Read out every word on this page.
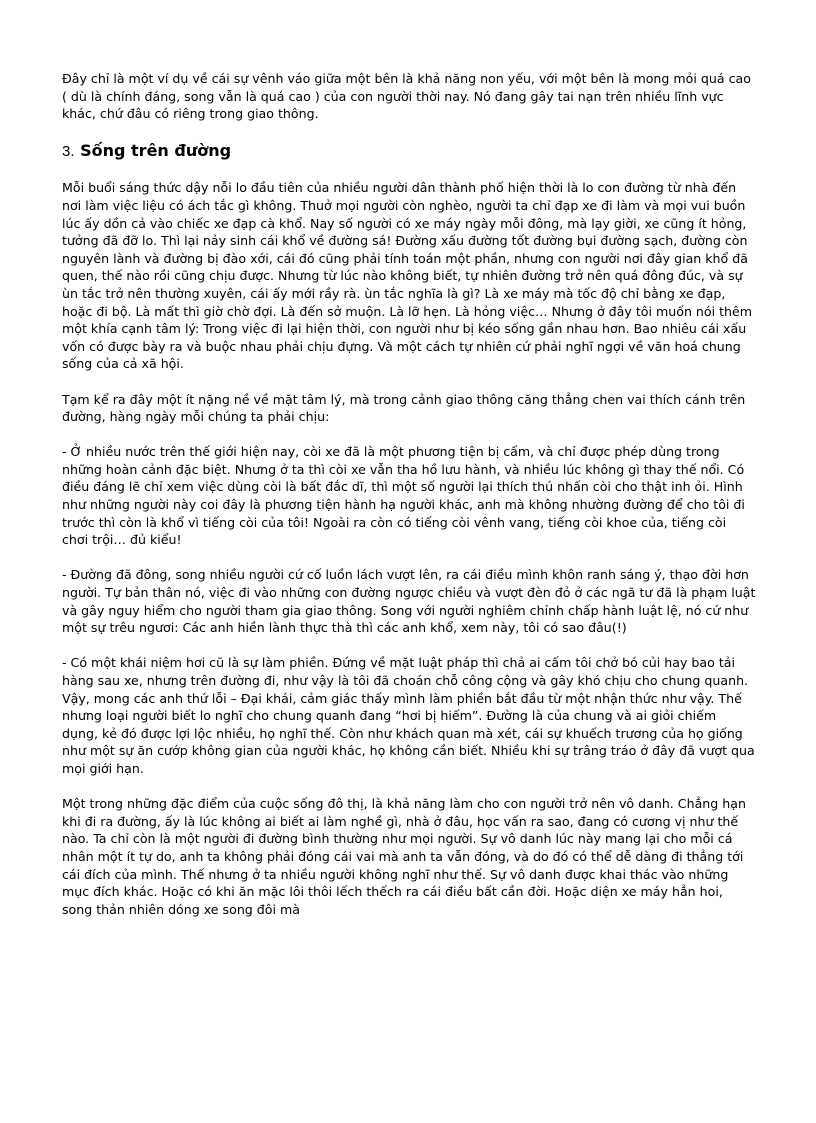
Đây chỉ là một ví dụ về cái sự vênh váo giữa một bên là khả năng non yếu, với một bên là mong mỏi quá cao ( dù là chính đáng, song vẫn là quá cao ) của con người thời nay. Nó đang gây tai nạn trên nhiều lĩnh vực khác, chứ đâu có riêng trong giao thông.

3. Sống trên đường

Mỗi buổi sáng thức dậy nỗi lo đầu tiên của nhiều người dân thành phố hiện thời là lo con đường từ nhà đến nơi làm việc liệu có ách tắc gì không. Thuở mọi người còn nghèo, người ta chỉ đạp xe đi làm và mọi vui buồn lúc ấy dồn cả vào chiếc xe đạp cà khổ. Nay số người có xe máy ngày mỗi đông, mà lạy giời, xe cũng ít hỏng, tưởng đã đỡ lo. Thì lại nảy sinh cái khổ về đường sá! Đường xấu đường tốt đường bụi đường sạch, đường còn nguyên lành và đường bị đào xới, cái đó cũng phải tính toán một phần, nhưng con người nơi đây gian khổ đã quen, thế nào rồi cũng chịu được. Nhưng từ lúc nào không biết, tự nhiên đường trở nên quá đông đúc, và sự ùn tắc trở nên thường xuyên, cái ấy mới rầy rà. ùn tắc nghĩa là gì? Là xe máy mà tốc độ chỉ bằng xe đạp, hoặc đi bộ. Là mất thì giờ chờ đợi. Là đến sở muộn. Là lỡ hẹn. Là hỏng việc… Nhưng ở đây tôi muốn nói thêm một khía cạnh tâm lý: Trong việc đi lại hiện thời, con người như bị kéo sống gần nhau hơn. Bao nhiêu cái xấu vốn có được bày ra và buộc nhau phải chịu đựng. Và một cách tự nhiên cứ phải nghĩ ngợi về văn hoá chung sống của cả xã hội.

Tạm kể ra đây một ít nặng nề về mặt tâm lý, mà trong cảnh giao thông căng thẳng chen vai thích cánh trên đường, hàng ngày mỗi chúng ta phải chịu:

- Ở nhiều nước trên thế giới hiện nay, còi xe đã là một phương tiện bị cấm, và chỉ được phép dùng trong những hoàn cảnh đặc biệt. Nhưng ở ta thì còi xe vẫn tha hồ lưu hành, và nhiều lúc không gì thay thế nổi. Có điều đáng lẽ chỉ xem việc dùng còi là bất đắc dĩ, thì một số người lại thích thú nhấn còi cho thật inh ỏi. Hình như những người này coi đây là phương tiện hành hạ người khác, anh mà không nhường đường để cho tôi đi trước thì còn là khổ vì tiếng còi của tôi! Ngoài ra còn có tiếng còi vênh vang, tiếng còi khoe của, tiếng còi chơi trội… đủ kiểu!

- Đường đã đông, song nhiều người cứ cố luồn lách vượt lên, ra cái điều mình khôn ranh sáng ý, thạo đời hơn người. Tự bản thân nó, việc đi vào những con đường ngược chiều và vượt đèn đỏ ở các ngã tư đã là phạm luật và gây nguy hiểm cho người tham gia giao thông. Song với người nghiêm chỉnh chấp hành luật lệ, nó cứ như một sự trêu ngươi: Các anh hiền lành thực thà thì các anh khổ, xem này, tôi có sao đâu(!)

- Có một khái niệm hơi cũ là sự làm phiền. Đứng về mặt luật pháp thì chả ai cấm tôi chở bó củi hay bao tải hàng sau xe, nhưng trên đường đi, như vậy là tôi đã choán chỗ công cộng và gây khó chịu cho chung quanh. Vậy, mong các anh thứ lỗi – Đại khái, cảm giác thấy mình làm phiền bắt đầu từ một nhận thức như vậy. Thế nhưng loại người biết lo nghĩ cho chung quanh đang “hơi bị hiếm”. Đường là của chung và ai giỏi chiếm dụng, kẻ đó được lợi lộc nhiều, họ nghĩ thế. Còn như khách quan mà xét, cái sự khuếch trương của họ giống như một sự ăn cướp không gian của người khác, họ không cần biết. Nhiều khi sự trâng tráo ở đây đã vượt qua mọi giới hạn.

Một trong những đặc điểm của cuộc sống đô thị, là khả năng làm cho con người trở nên vô danh. Chẳng hạn khi đi ra đường, ấy là lúc không ai biết ai làm nghề gì, nhà ở đâu, học vấn ra sao, đang có cương vị như thế nào. Ta chỉ còn là một người đi đường bình thường như mọi người. Sự vô danh lúc này mang lại cho mỗi cá nhân một ít tự do, anh ta không phải đóng cái vai mà anh ta vẫn đóng, và do đó có thể dễ dàng đi thẳng tới cái đích của mình. Thế nhưng ở ta nhiều người không nghĩ như thế. Sự vô danh được khai thác vào những mục đích khác. Hoặc có khi ăn mặc lôi thôi lếch thếch ra cái điều bất cần đời. Hoặc diện xe máy hẳn hoi, song thản nhiên dóng xe song đôi mà
